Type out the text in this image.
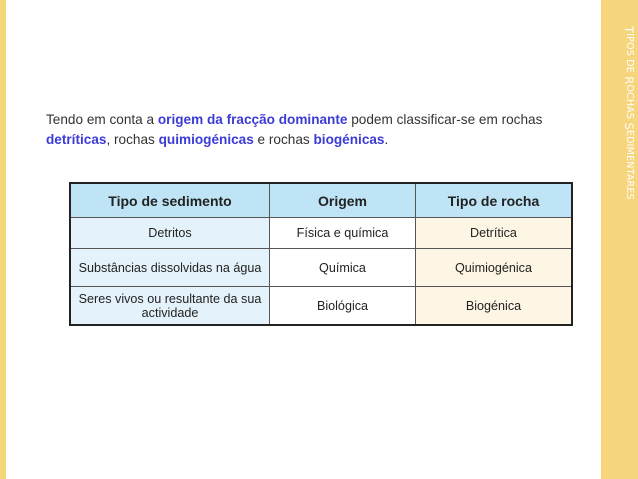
TIPOS DE ROCHAS SEDIMENTARES
Tendo em conta a origem da fracção dominante podem classificar-se em rochas detríticas, rochas quimiogénicas e rochas biogénicas.
Tipo de sedimento	Origem	Tipo de rocha
Detritos	Física e química	Detrítica
Substâncias dissolvidas na água	Química	Quimiogénica
Seres vivos ou resultante da sua actividade	Biológica	Biogénica
